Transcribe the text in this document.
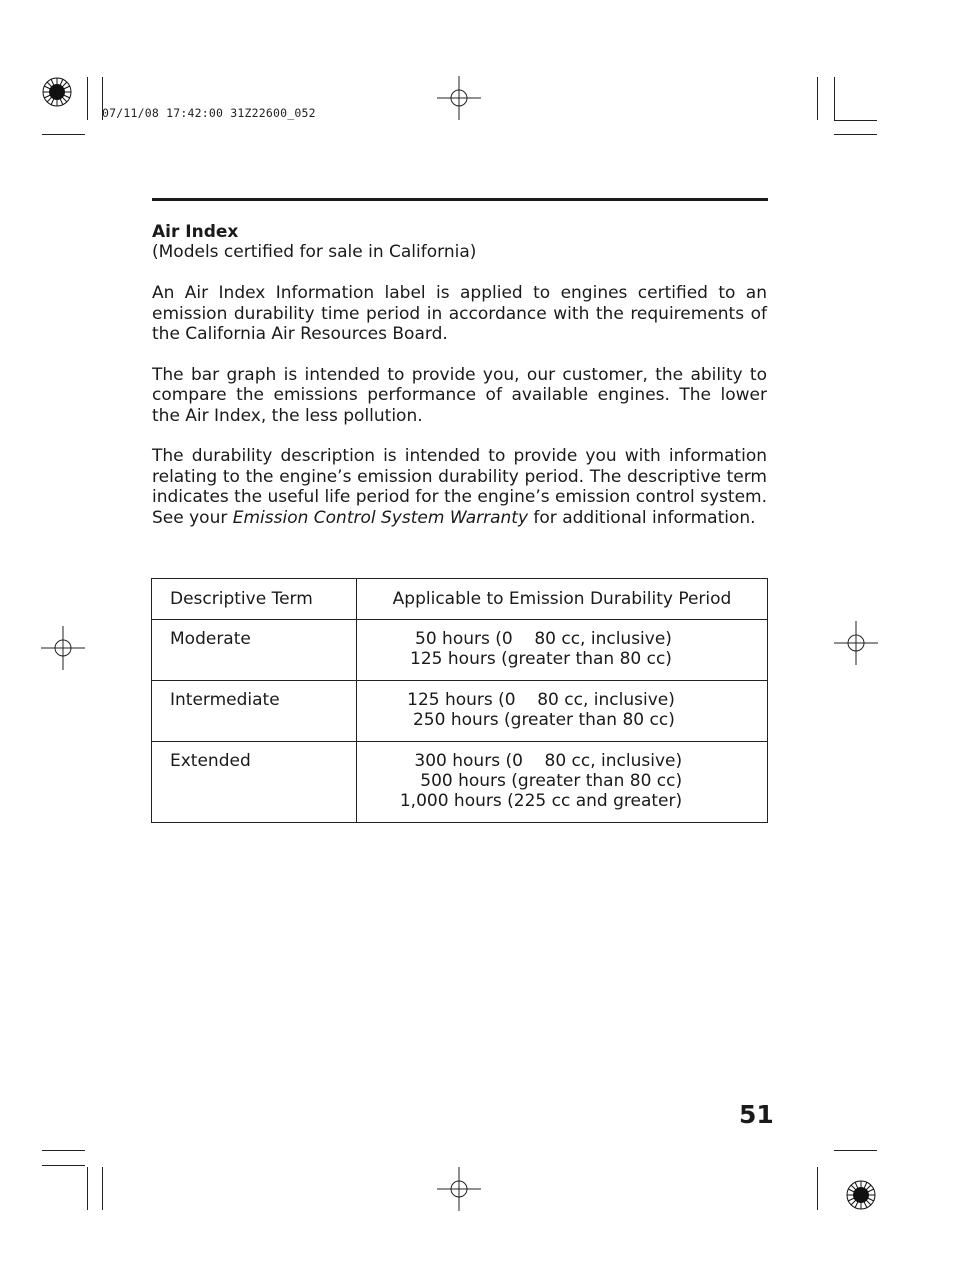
07/11/08 17:42:00 31Z22600_052
Air Index
(Models certified for sale in California)

An Air Index Information label is applied to engines certified to an emission durability time period in accordance with the requirements of the California Air Resources Board.

The bar graph is intended to provide you, our customer, the ability to compare the emissions performance of available engines. The lower the Air Index, the less pollution.

The durability description is intended to provide you with information relating to the engine’s emission durability period. The descriptive term indicates the useful life period for the engine’s emission control system. See your Emission Control System Warranty for additional information.

Descriptive Term	Applicable to Emission Durability Period
Moderate	50 hours (0    80 cc, inclusive)
125 hours (greater than 80 cc)

Intermediate	125 hours (0    80 cc, inclusive)
250 hours (greater than 80 cc)

Extended	300 hours (0    80 cc, inclusive)
500 hours (greater than 80 cc)
1,000 hours (225 cc and greater)
51
